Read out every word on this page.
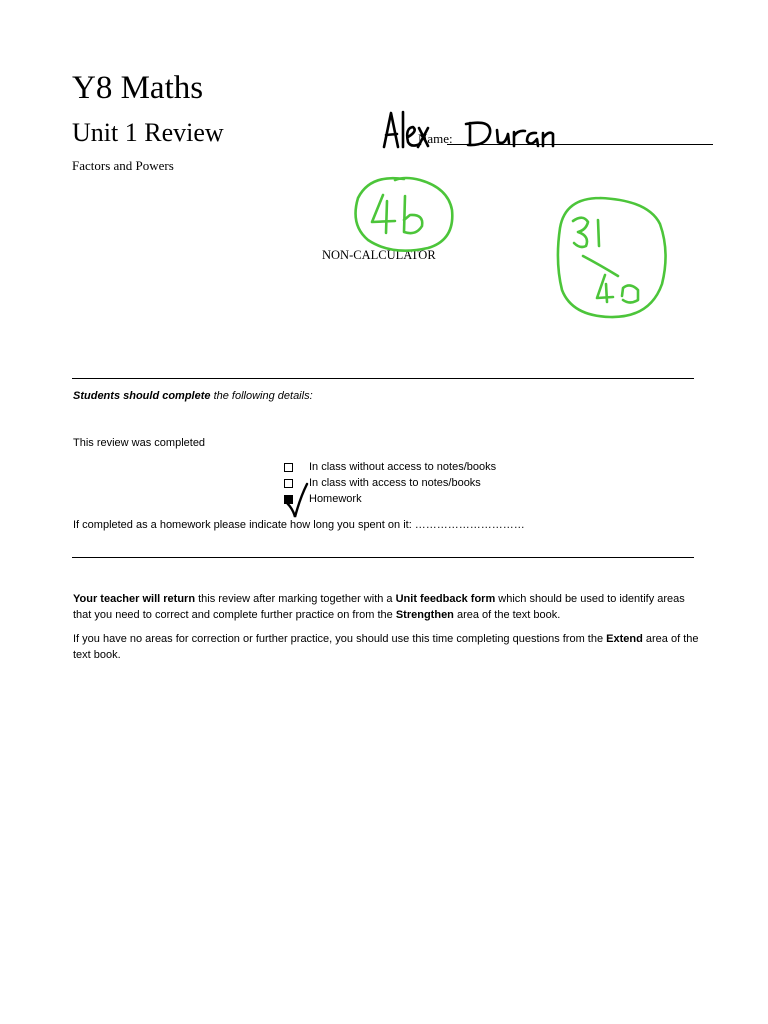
Y8 Maths
Unit 1 Review
Factors and Powers
Name:
NON-CALCULATOR
Students should complete the following details:
This review was completed
In class without access to notes/books
In class with access to notes/books
Homework
If completed as a homework please indicate how long you spent on it: …………………………

Your teacher will return this review after marking together with a Unit feedback form which should be used to identify areas that you need to correct and complete further practice on from the Strengthen area of the text book.

If you have no areas for correction or further practice, you should use this time completing questions from the Extend area of the text book.
